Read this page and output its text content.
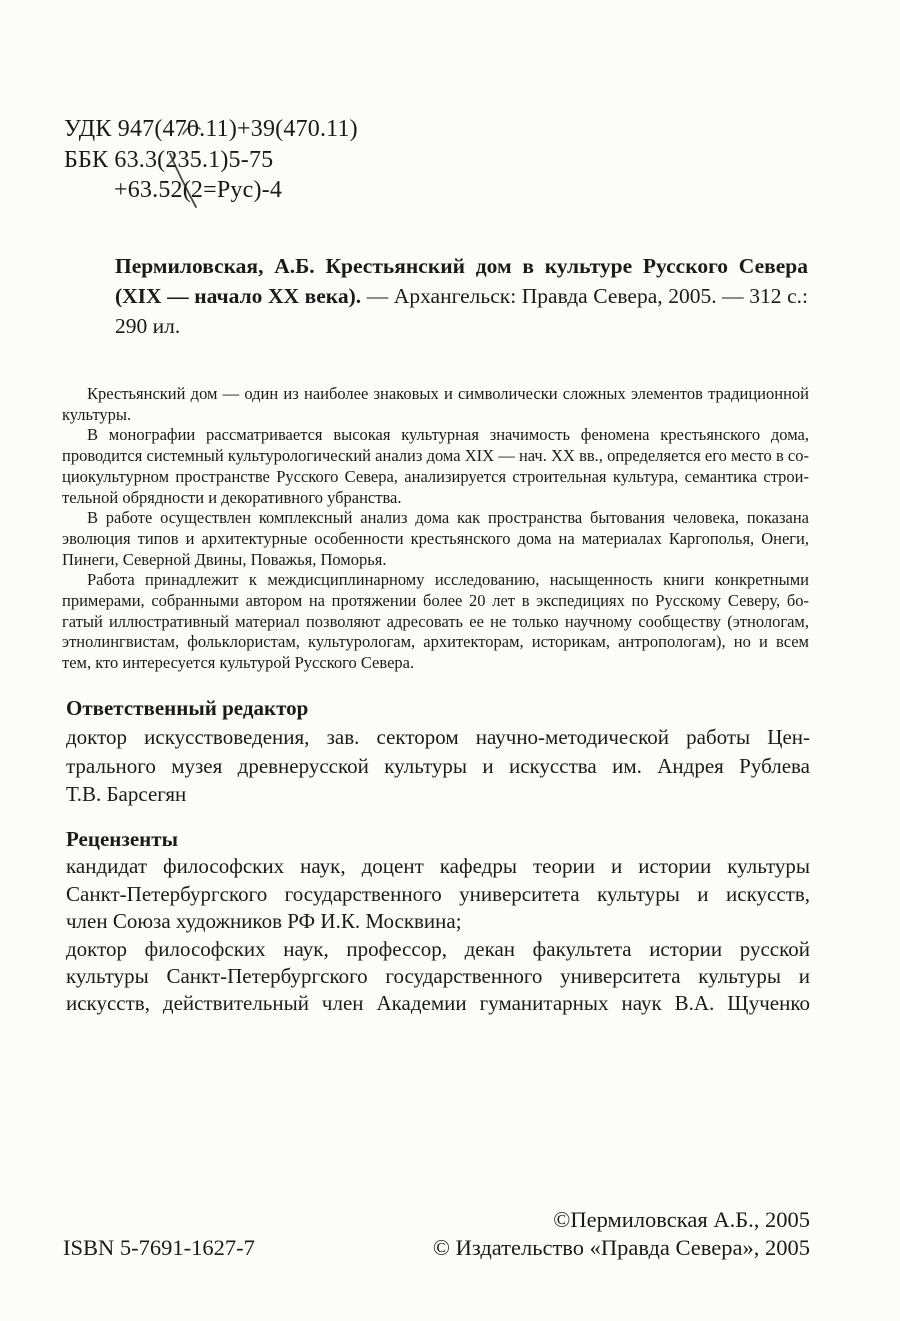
УДК 947(470.11)+39(470.11)
ББК 63.3(235.1)5-75
+63.52(2=Рус)-4
Пермиловская, А.Б. Крестьянский дом в культуре Русского Севера
(XIX — начало XX века). — Архангельск: Правда Севера, 2005. — 312 с.:
290 ил.
Крестьянский дом — один из наиболее знаковых и символически сложных элементов традиционной
культуры.
В монографии рассматривается высокая культурная значимость феномена крестьянского дома,
проводится системный культурологический анализ дома XIX — нач. XX вв., определяется его место в со-
циокультурном пространстве Русского Севера, анализируется строительная культура, семантика строи-
тельной обрядности и декоративного убранства.
В работе осуществлен комплексный анализ дома как пространства бытования человека, показана
эволюция типов и архитектурные особенности крестьянского дома на материалах Каргополья, Онеги,
Пинеги, Северной Двины, Поважья, Поморья.
Работа принадлежит к междисциплинарному исследованию, насыщенность книги конкретными
примерами, собранными автором на протяжении более 20 лет в экспедициях по Русскому Северу, бо-
гатый иллюстративный материал позволяют адресовать ее не только научному сообществу (этнологам,
этнолингвистам, фольклористам, культурологам, архитекторам, историкам, антропологам), но и всем
тем, кто интересуется культурой Русского Севера.
Ответственный редактор
доктор искусствоведения, зав. сектором научно-методической работы Цен-
трального музея древнерусской культуры и искусства им. Андрея Рублева
Т.В. Барсегян
Рецензенты
кандидат философских наук, доцент кафедры теории и истории культуры
Санкт-Петербургского государственного университета культуры и искусств,
член Союза художников РФ И.К. Москвина;
доктор философских наук, профессор, декан факультета истории русской
культуры Санкт-Петербургского государственного университета культуры и
искусств, действительный член Академии гуманитарных наук В.А. Щученко
ISBN 5-7691-1627-7
©Пермиловская А.Б., 2005
© Издательство «Правда Севера», 2005
